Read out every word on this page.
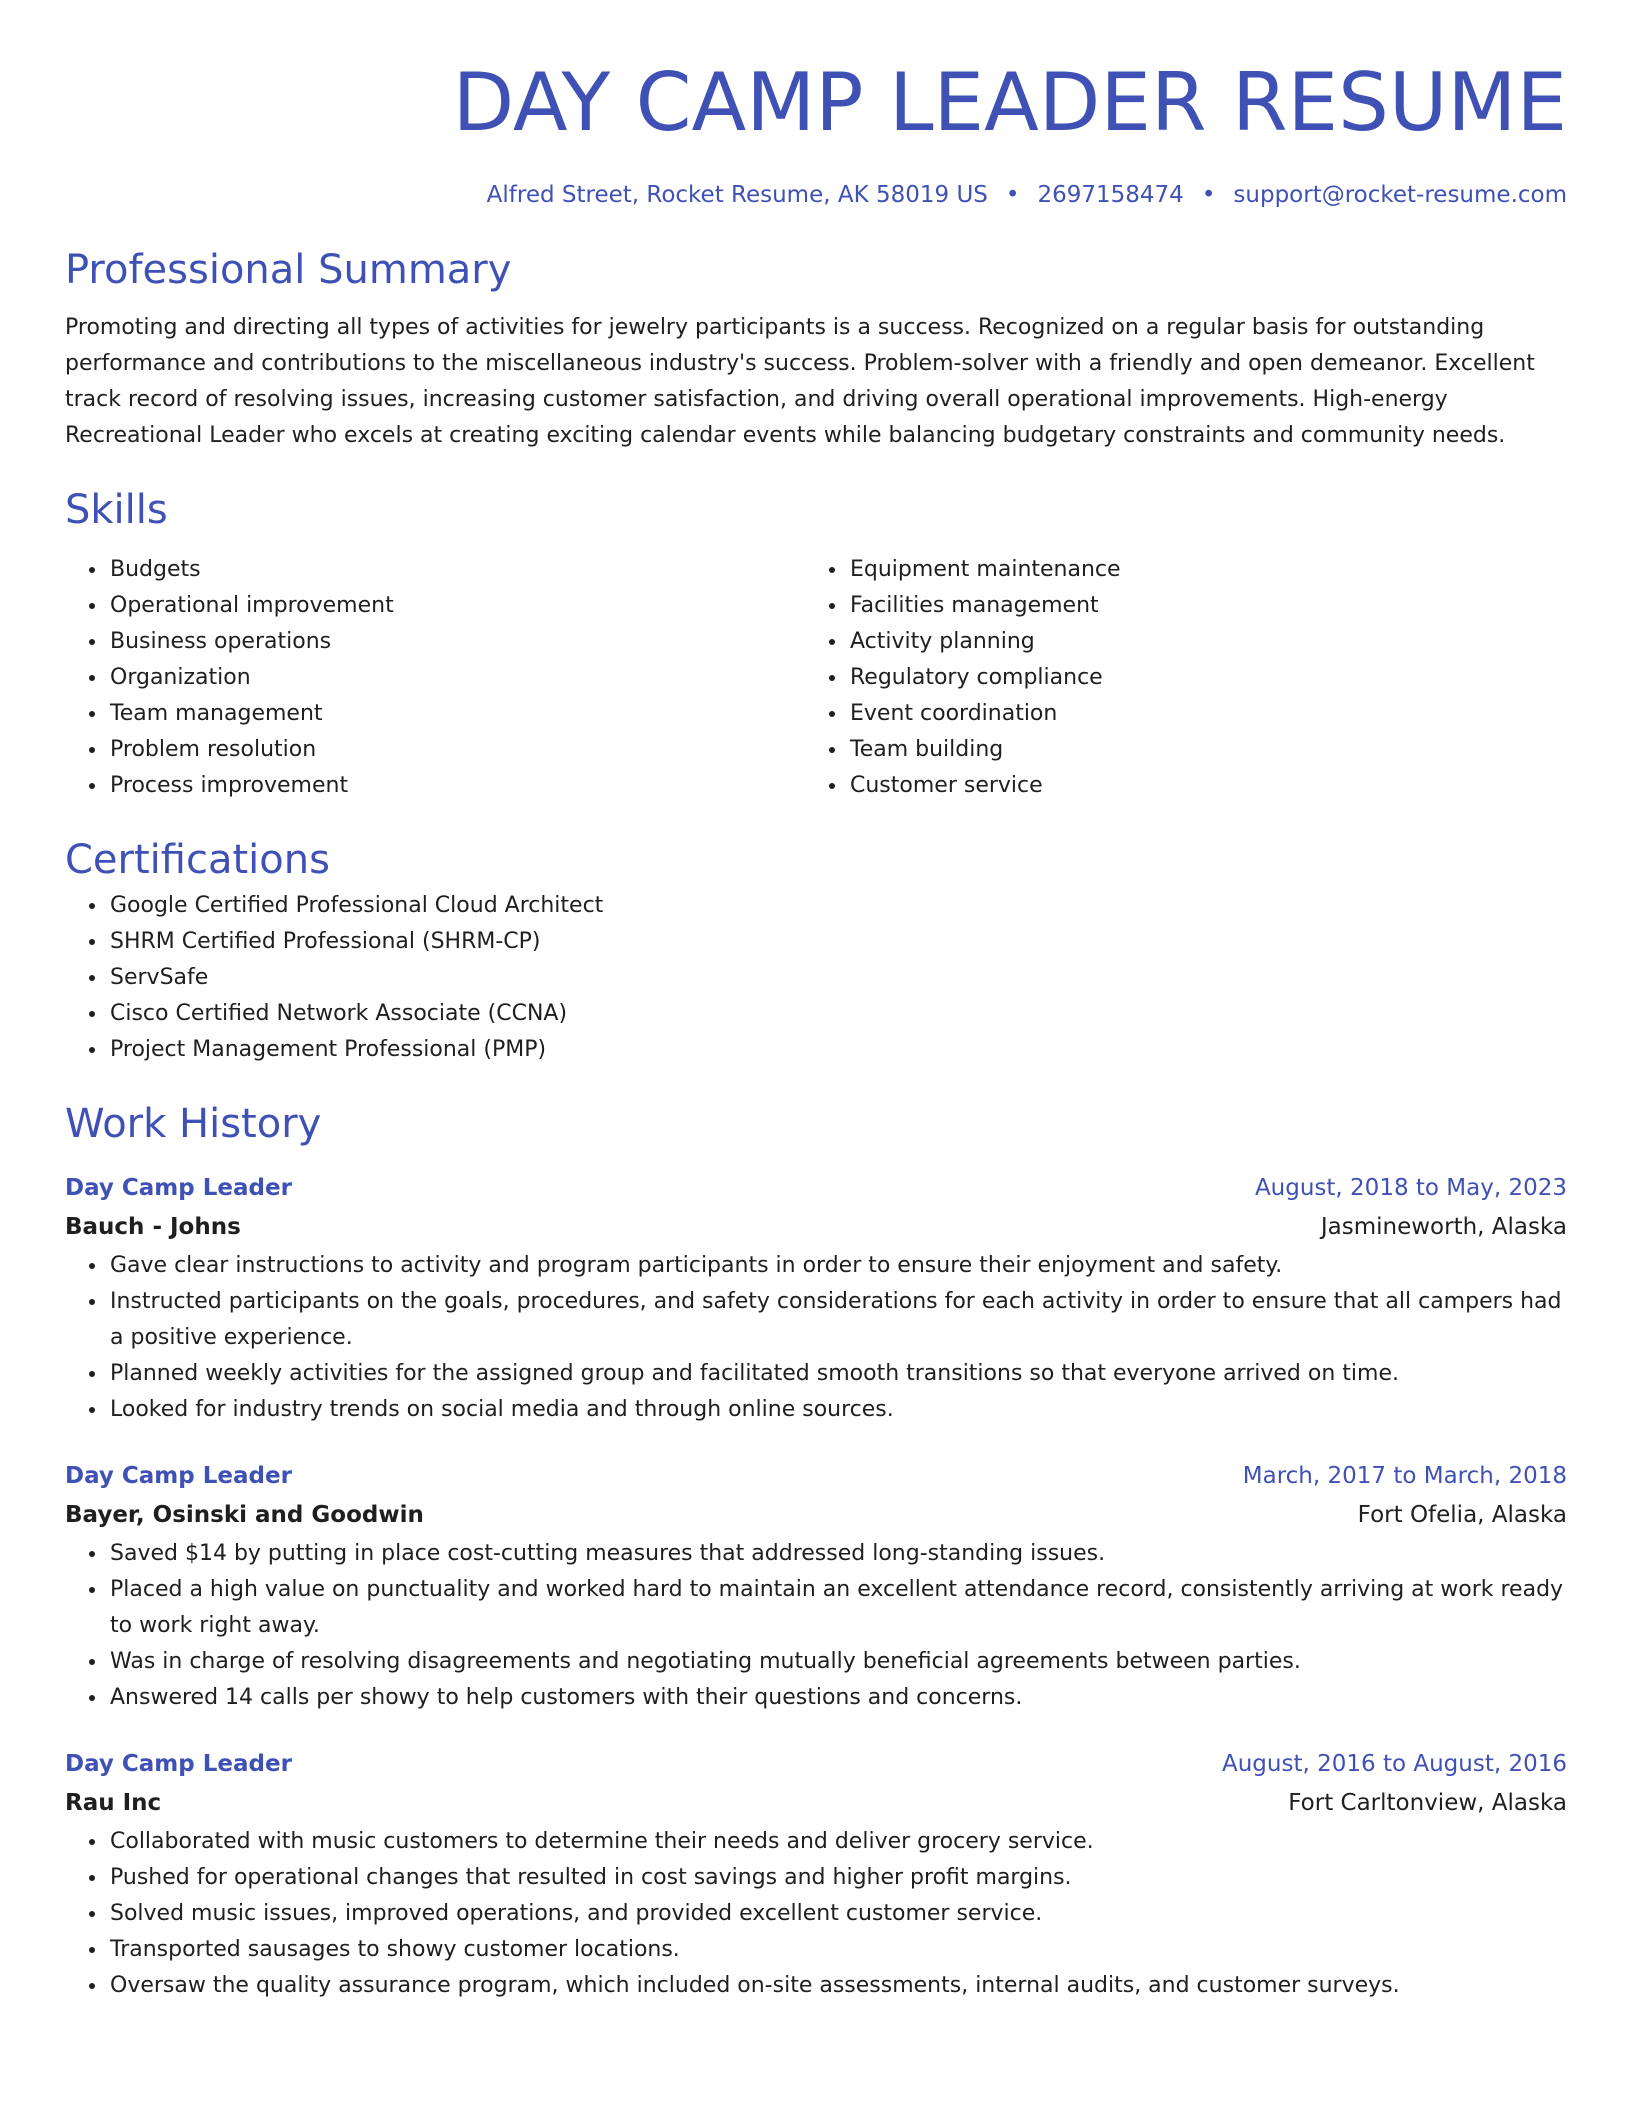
DAY CAMP LEADER RESUME
Alfred Street, Rocket Resume, AK 58019 US • 2697158474 • support@rocket-resume.com
Professional Summary
Promoting and directing all types of activities for jewelry participants is a success. Recognized on a regular basis for outstanding performance and contributions to the miscellaneous industry's success. Problem-solver with a friendly and open demeanor. Excellent track record of resolving issues, increasing customer satisfaction, and driving overall operational improvements. High-energy Recreational Leader who excels at creating exciting calendar events while balancing budgetary constraints and community needs.
Skills
• Budgets
• Operational improvement
• Business operations
• Organization
• Team management
• Problem resolution
• Process improvement
• Equipment maintenance
• Facilities management
• Activity planning
• Regulatory compliance
• Event coordination
• Team building
• Customer service
Certifications
• Google Certified Professional Cloud Architect
• SHRM Certified Professional (SHRM-CP)
• ServSafe
• Cisco Certified Network Associate (CCNA)
• Project Management Professional (PMP)
Work History
Day Camp Leader	August, 2018 to May, 2023
Bauch - Johns	Jasmineworth, Alaska
• Gave clear instructions to activity and program participants in order to ensure their enjoyment and safety.
• Instructed participants on the goals, procedures, and safety considerations for each activity in order to ensure that all campers had a positive experience.
• Planned weekly activities for the assigned group and facilitated smooth transitions so that everyone arrived on time.
• Looked for industry trends on social media and through online sources.
Day Camp Leader	March, 2017 to March, 2018
Bayer, Osinski and Goodwin	Fort Ofelia, Alaska
• Saved $14 by putting in place cost-cutting measures that addressed long-standing issues.
• Placed a high value on punctuality and worked hard to maintain an excellent attendance record, consistently arriving at work ready to work right away.
• Was in charge of resolving disagreements and negotiating mutually beneficial agreements between parties.
• Answered 14 calls per showy to help customers with their questions and concerns.
Day Camp Leader	August, 2016 to August, 2016
Rau Inc	Fort Carltonview, Alaska
• Collaborated with music customers to determine their needs and deliver grocery service.
• Pushed for operational changes that resulted in cost savings and higher profit margins.
• Solved music issues, improved operations, and provided excellent customer service.
• Transported sausages to showy customer locations.
• Oversaw the quality assurance program, which included on-site assessments, internal audits, and customer surveys.
